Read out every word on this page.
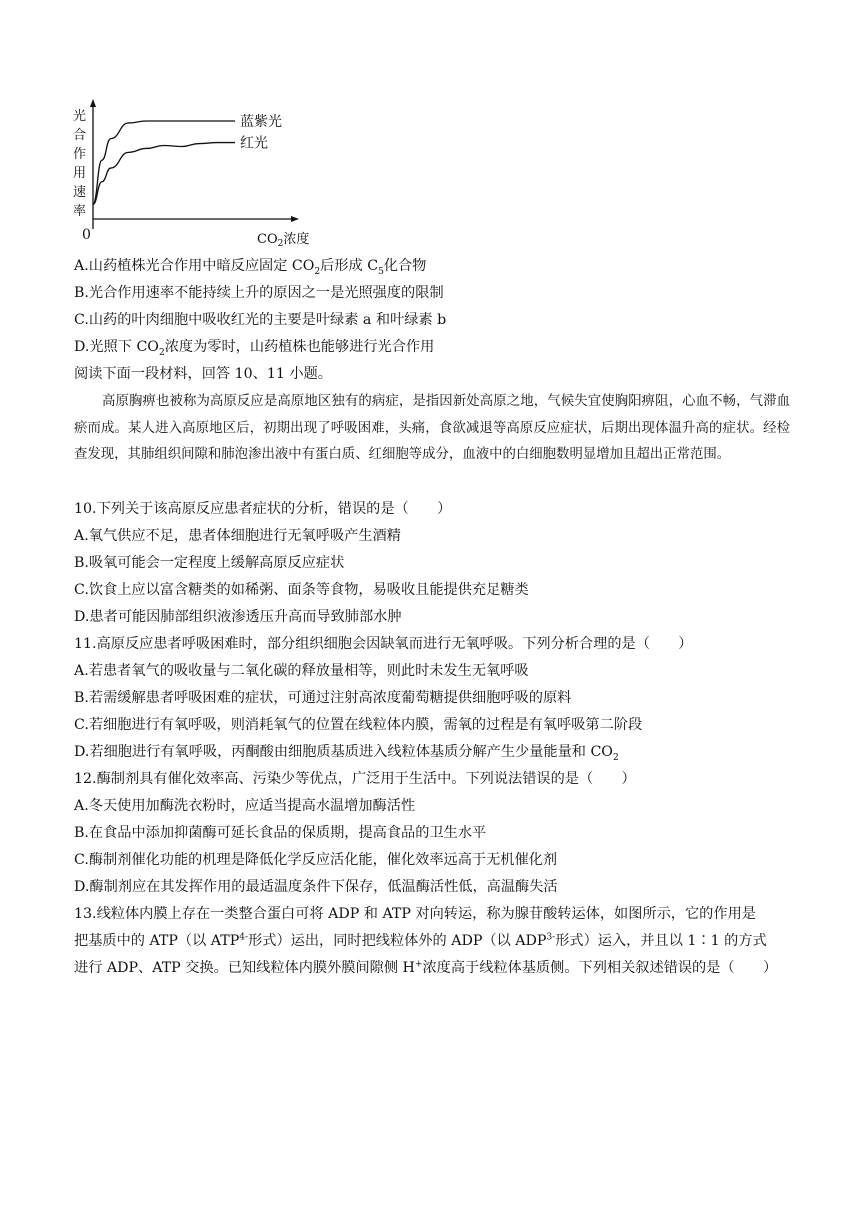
光
合
作
用
速
率
0	$CO_2$浓度
蓝紫光
红光
A.山药植株光合作用中暗反应固定 $CO_2$后形成 $C_5$化合物
B.光合作用速率不能持续上升的原因之一是光照强度的限制
C.山药的叶肉细胞中吸收红光的主要是叶绿素 a 和叶绿素 b
D.光照下 $CO_2$浓度为零时，山药植株也能够进行光合作用
阅读下面一段材料，回答 10、11 小题。
高原胸痹也被称为高原反应是高原地区独有的病症，是指因新处高原之地，气候失宜使胸阳痹阻，心血不畅，气滞血瘀而成。某人进入高原地区后，初期出现了呼吸困难，头痛，食欲减退等高原反应症状，后期出现体温升高的症状。经检查发现，其肺组织间隙和肺泡渗出液中有蛋白质、红细胞等成分，血液中的白细胞数明显增加且超出正常范围。
10.下列关于该高原反应患者症状的分析，错误的是（　　）
A.氧气供应不足，患者体细胞进行无氧呼吸产生酒精
B.吸氧可能会一定程度上缓解高原反应症状
C.饮食上应以富含糖类的如稀粥、面条等食物，易吸收且能提供充足糖类
D.患者可能因肺部组织液渗透压升高而导致肺部水肿
11.高原反应患者呼吸困难时，部分组织细胞会因缺氧而进行无氧呼吸。下列分析合理的是（　　）
A.若患者氧气的吸收量与二氧化碳的释放量相等，则此时未发生无氧呼吸
B.若需缓解患者呼吸困难的症状，可通过注射高浓度葡萄糖提供细胞呼吸的原料
C.若细胞进行有氧呼吸，则消耗氧气的位置在线粒体内膜，需氧的过程是有氧呼吸第二阶段
D.若细胞进行有氧呼吸，丙酮酸由细胞质基质进入线粒体基质分解产生少量能量和 $CO_2$
12.酶制剂具有催化效率高、污染少等优点，广泛用于生活中。下列说法错误的是（　　）
A.冬天使用加酶洗衣粉时，应适当提高水温增加酶活性
B.在食品中添加抑菌酶可延长食品的保质期，提高食品的卫生水平
C.酶制剂催化功能的机理是降低化学反应活化能，催化效率远高于无机催化剂
D.酶制剂应在其发挥作用的最适温度条件下保存，低温酶活性低，高温酶失活
13.线粒体内膜上存在一类整合蛋白可将 ADP 和 ATP 对向转运，称为腺苷酸转运体，如图所示，它的作用是
把基质中的 ATP（以 $ATP^{4-}$形式）运出，同时把线粒体外的 ADP（以 $ADP^{3-}$形式）运入，并且以 1∶1 的方式
进行 ADP、ATP 交换。已知线粒体内膜外膜间隙侧 H+浓度高于线粒体基质侧。下列相关叙述错误的是（　　）
